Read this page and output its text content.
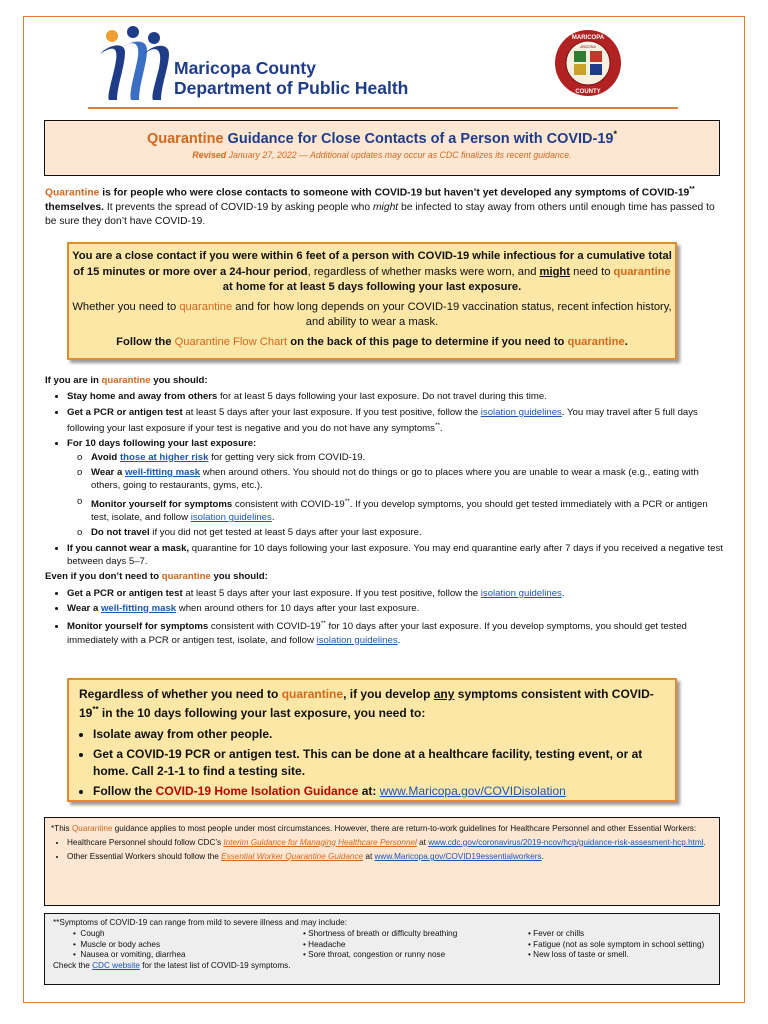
Maricopa County
Department of Public Health
MARICOPA
COUNTY
ARIZONA
Quarantine Guidance for Close Contacts of a Person with COVID-19*
Revised January 27, 2022 — Additional updates may occur as CDC finalizes its recent guidance.
Quarantine is for people who were close contacts to someone with COVID-19 but haven’t yet developed any symptoms of COVID-19** themselves. It prevents the spread of COVID-19 by asking people who might be infected to stay away from others until enough time has passed to be sure they don’t have COVID-19.

You are a close contact if you were within 6 feet of a person with COVID-19 while infectious for a cumulative total of 15 minutes or more over a 24-hour period, regardless of whether masks were worn, and might need to quarantine at home for at least 5 days following your last exposure.

Whether you need to quarantine and for how long depends on your COVID-19 vaccination status, recent infection history, and ability to wear a mask.

Follow the Quarantine Flow Chart on the back of this page to determine if you need to quarantine.

If you are in quarantine you should:
• Stay home and away from others for at least 5 days following your last exposure. Do not travel during this time.
• Get a PCR or antigen test at least 5 days after your last exposure. If you test positive, follow the isolation guidelines. You may travel after 5 full days following your last exposure if your test is negative and you do not have any symptoms**.
• For 10 days following your last exposure:
o Avoid those at higher risk for getting very sick from COVID-19.
o Wear a well-fitting mask when around others. You should not do things or go to places where you are unable to wear a mask (e.g., eating with others, going to restaurants, gyms, etc.).
o Monitor yourself for symptoms consistent with COVID-19**. If you develop symptoms, you should get tested immediately with a PCR or antigen test, isolate, and follow isolation guidelines.
o Do not travel if you did not get tested at least 5 days after your last exposure.
• If you cannot wear a mask, quarantine for 10 days following your last exposure. You may end quarantine early after 7 days if you received a negative test between days 5–7.
Even if you don’t need to quarantine you should:
• Get a PCR or antigen test at least 5 days after your last exposure. If you test positive, follow the isolation guidelines.
• Wear a well-fitting mask when around others for 10 days after your last exposure.
• Monitor yourself for symptoms consistent with COVID-19** for 10 days after your last exposure. If you develop symptoms, you should get tested immediately with a PCR or antigen test, isolate, and follow isolation guidelines.
Regardless of whether you need to quarantine, if you develop any symptoms consistent with COVID-19** in the 10 days following your last exposure, you need to:
• Isolate away from other people.
• Get a COVID-19 PCR or antigen test. This can be done at a healthcare facility, testing event, or at home. Call 2-1-1 to find a testing site.
• Follow the COVID-19 Home Isolation Guidance at: www.Maricopa.gov/COVIDisolation
*This Quarantine guidance applies to most people under most circumstances. However, there are return-to-work guidelines for Healthcare Personnel and other Essential Workers:
• Healthcare Personnel should follow CDC’s Interim Guidance for Managing Healthcare Personnel at www.cdc.gov/coronavirus/2019-ncov/hcp/guidance-risk-assesment-hcp.html.
• Other Essential Workers should follow the Essential Worker Quarantine Guidance at www.Maricopa.gov/COVID19essentialworkers.
**Symptoms of COVID-19 can range from mild to severe illness and may include:
•  Cough
•  Muscle or body aches
•  Nausea or vomiting, diarrhea
• Shortness of breath or difficulty breathing
• Headache
• Sore throat, congestion or runny nose
• Fever or chills
• Fatigue (not as sole symptom in school setting)
• New loss of taste or smell.
Check the CDC website for the latest list of COVID-19 symptoms.
